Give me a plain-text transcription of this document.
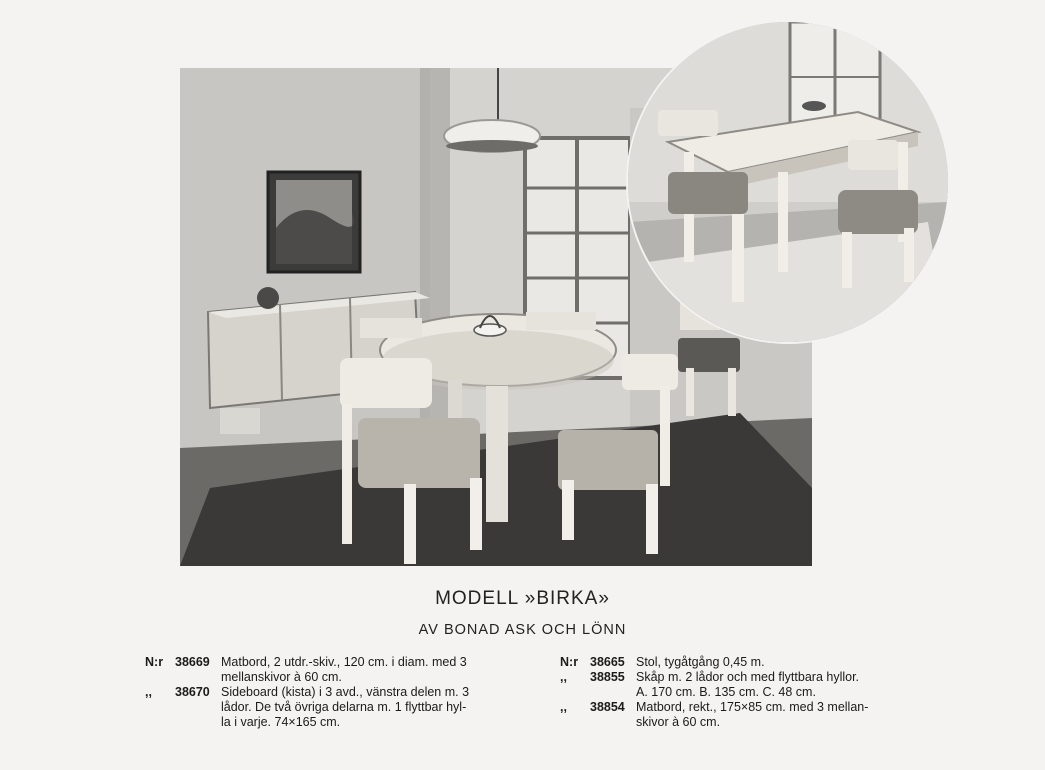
MODELL »BIRKA»
AV BONAD ASK OCH LÖNN
N:r 38669 Matbord, 2 utdr.-skiv., 120 cm. i diam. med 3
mellanskivor à 60 cm.
,,	38670 Sideboard (kista) i 3 avd., vänstra delen m. 3
lådor. De två övriga delarna m. 1 flyttbar hyl-
la i varje. 74×165 cm.
N:r 38665 Stol, tygåtgång 0,45 m.
,,	38855 Skåp m. 2 lådor och med flyttbara hyllor.
A. 170 cm. B. 135 cm. C. 48 cm.
,,	38854 Matbord, rekt., 175×85 cm. med 3 mellan-
skivor à 60 cm.
